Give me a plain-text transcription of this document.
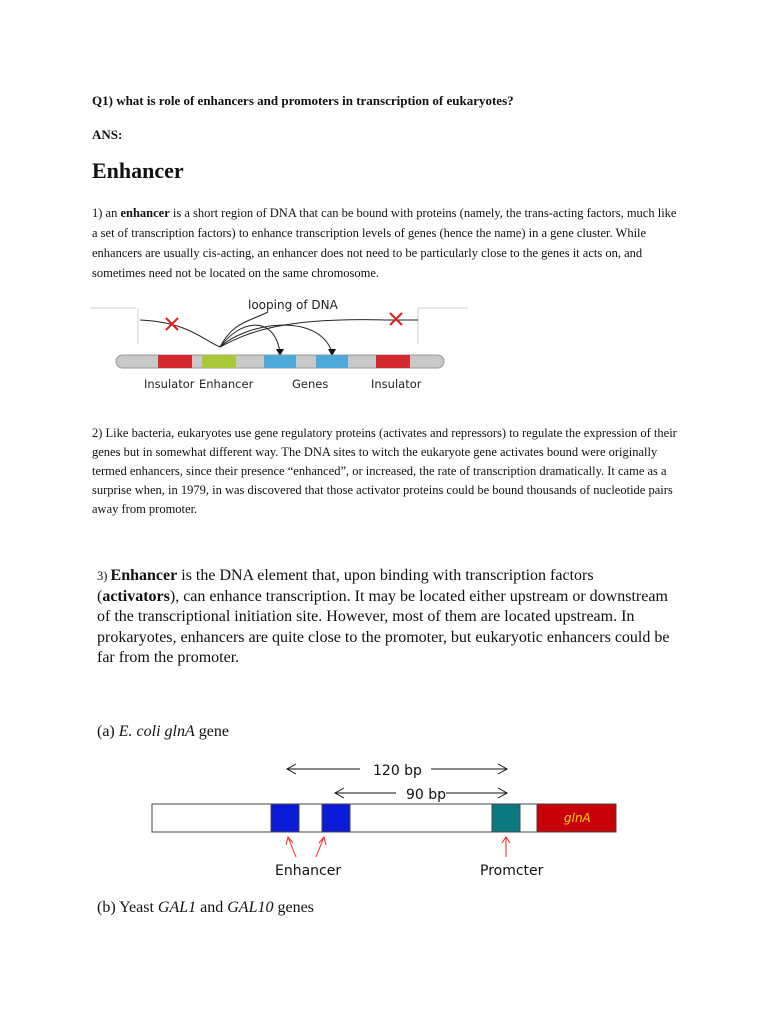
Q1) what is role of enhancers and promoters in transcription of eukaryotes?
ANS:
Enhancer
1) an enhancer is a short region of DNA that can be bound with proteins (namely, the trans-acting factors, much like a set of transcription factors) to enhance transcription levels of genes (hence the name) in a gene cluster. While enhancers are usually cis-acting, an enhancer does not need to be particularly close to the genes it acts on, and sometimes need not be located on the same chromosome.
looping of DNA
Insulator Enhancer	Genes	Insulator
2) Like bacteria, eukaryotes use gene regulatory proteins (activates and repressors) to regulate the expression of their genes but in somewhat different way. The DNA sites to witch the eukaryote gene activates bound were originally termed enhancers, since their presence “enhanced”, or increased, the rate of transcription dramatically. It came as a surprise when, in 1979, in was discovered that those activator proteins could be bound thousands of nucleotide pairs away from promoter.
3) Enhancer is the DNA element that, upon binding with transcription factors (activators), can enhance transcription. It may be located either upstream or downstream of the transcriptional initiation site. However, most of them are located upstream. In prokaryotes, enhancers are quite close to the promoter, but eukaryotic enhancers could be far from the promoter.
(a) E. coli glnA gene
120 bp
90 bp
glnA
Enhancer	Promcter
(b) Yeast GAL1 and GAL10 genes
